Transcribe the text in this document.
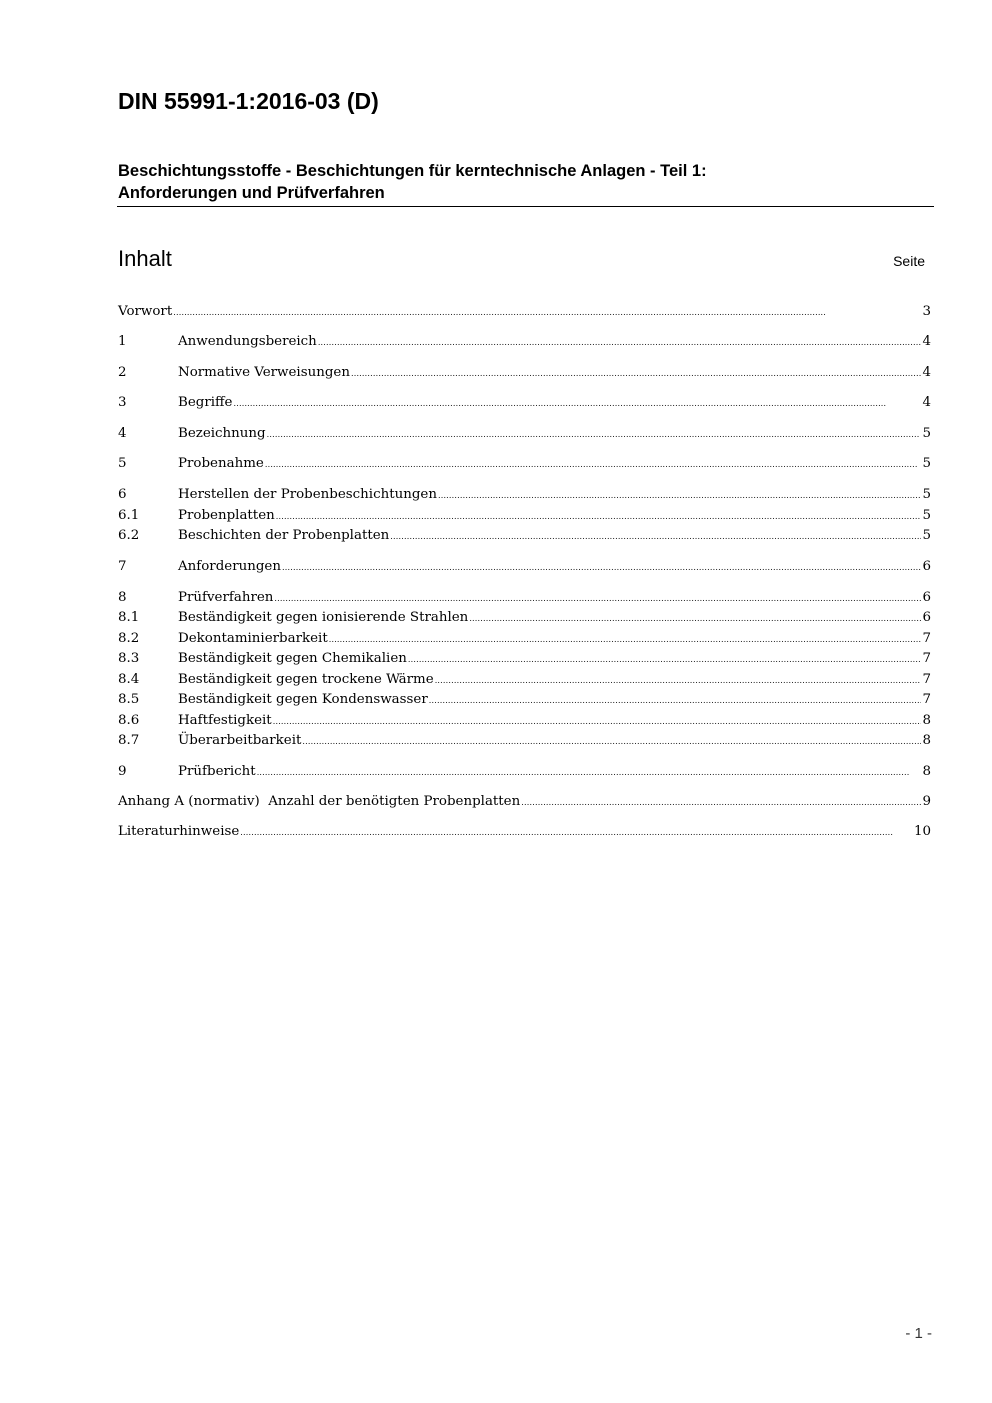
DIN 55991-1:2016-03 (D)
Beschichtungsstoffe - Beschichtungen für kerntechnische Anlagen - Teil 1:
Anforderungen und Prüfverfahren
Inhalt	Seite
Vorwort .....	3
1	Anwendungsbereich .....	4
2	Normative Verweisungen .....	4
3	Begriffe .....	4
4	Bezeichnung .....	5
5	Probenahme .....	5
6	Herstellen der Probenbeschichtungen .....	5
6.1	Probenplatten .....	5
6.2	Beschichten der Probenplatten .....	5
7	Anforderungen .....	6
8	Prüfverfahren .....	6
8.1	Beständigkeit gegen ionisierende Strahlen .....	6
8.2	Dekontaminierbarkeit .....	7
8.3	Beständigkeit gegen Chemikalien .....	7
8.4	Beständigkeit gegen trockene Wärme .....	7
8.5	Beständigkeit gegen Kondenswasser .....	7
8.6	Haftfestigkeit .....	8
8.7	Überarbeitbarkeit .....	8
9	Prüfbericht .....	8
Anhang A (normativ)  Anzahl der benötigten Probenplatten .....	9
Literaturhinweise .....	10
- 1 -
